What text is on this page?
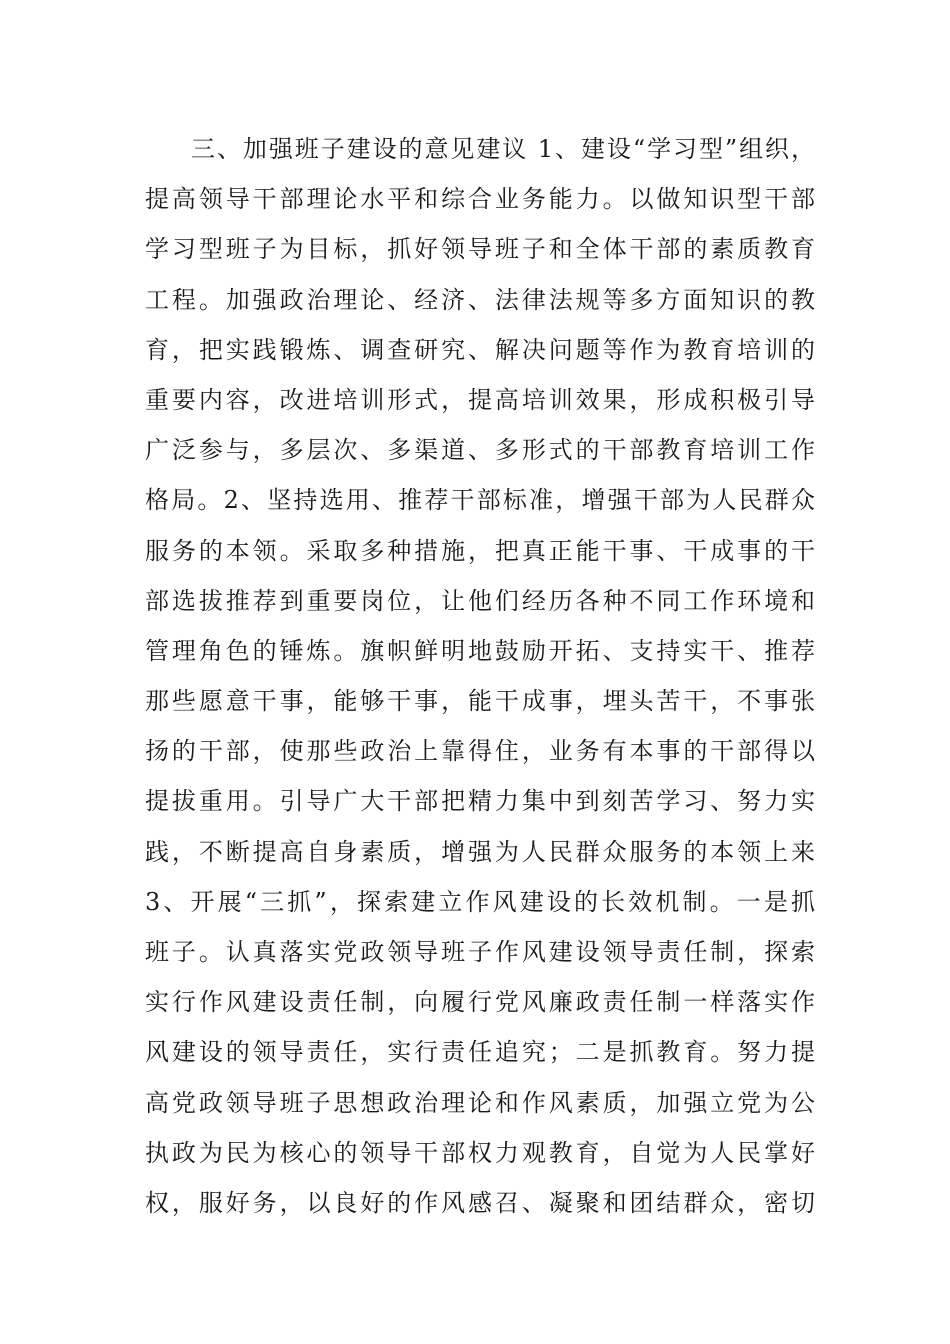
三、加强班子建设的意见建议 1、建设“学习型”组织，
提高领导干部理论水平和综合业务能力。以做知识型干部
学习型班子为目标，抓好领导班子和全体干部的素质教育
工程。加强政治理论、经济、法律法规等多方面知识的教
育，把实践锻炼、调查研究、解决问题等作为教育培训的
重要内容，改进培训形式，提高培训效果，形成积极引导
广泛参与，多层次、多渠道、多形式的干部教育培训工作
格局。2、坚持选用、推荐干部标准，增强干部为人民群众
服务的本领。采取多种措施，把真正能干事、干成事的干
部选拔推荐到重要岗位，让他们经历各种不同工作环境和
管理角色的锤炼。旗帜鲜明地鼓励开拓、支持实干、推荐
那些愿意干事，能够干事，能干成事，埋头苦干，不事张
扬的干部，使那些政治上靠得住，业务有本事的干部得以
提拔重用。引导广大干部把精力集中到刻苦学习、努力实
践，不断提高自身素质，增强为人民群众服务的本领上来
3、开展“三抓”，探索建立作风建设的长效机制。一是抓
班子。认真落实党政领导班子作风建设领导责任制，探索
实行作风建设责任制，向履行党风廉政责任制一样落实作
风建设的领导责任，实行责任追究；二是抓教育。努力提
高党政领导班子思想政治理论和作风素质，加强立党为公
执政为民为核心的领导干部权力观教育，自觉为人民掌好
权，服好务，以良好的作风感召、凝聚和团结群众，密切
